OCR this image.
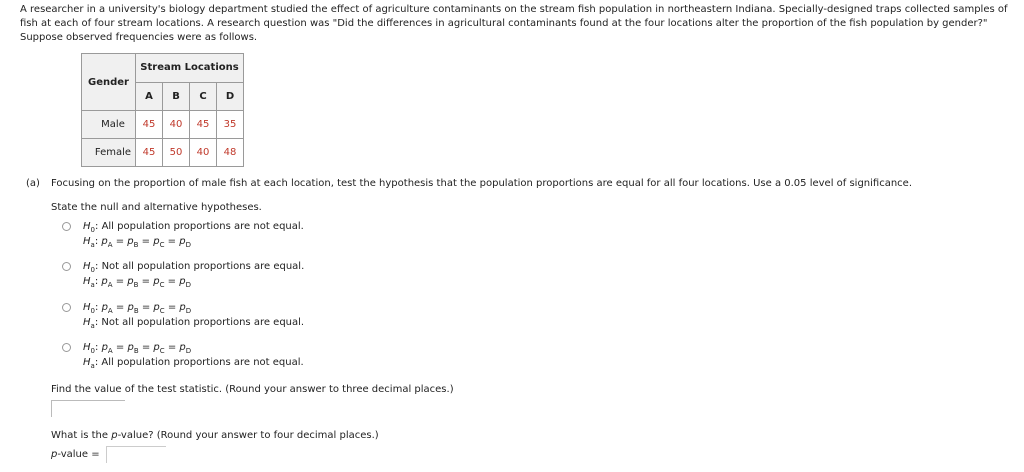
A researcher in a university's biology department studied the effect of agriculture contaminants on the stream fish population in northeastern Indiana. Specially-designed traps collected samples of fish at each of four stream locations. A research question was "Did the differences in agricultural contaminants found at the four locations alter the proportion of the fish population by gender?" Suppose observed frequencies were as follows.
Gender	Stream Locations			
	A	B	C	D
Male	45	40	45	35
Female	45	50	40	48
(a) Focusing on the proportion of male fish at each location, test the hypothesis that the population proportions are equal for all four locations. Use a 0.05 level of significance.
State the null and alternative hypotheses.
$H_0$: All population proportions are not equal.
$H_a$: $p_A = p_B = p_C = p_D$
$H_0$: Not all population proportions are equal.
$H_a$: $p_A = p_B = p_C = p_D$
$H_0$: $p_A = p_B = p_C = p_D$
$H_a$: Not all population proportions are equal.
$H_0$: $p_A = p_B = p_C = p_D$
$H_a$: All population proportions are not equal.
Find the value of the test statistic. (Round your answer to three decimal places.)
What is the p-value? (Round your answer to four decimal places.)
p-value =
